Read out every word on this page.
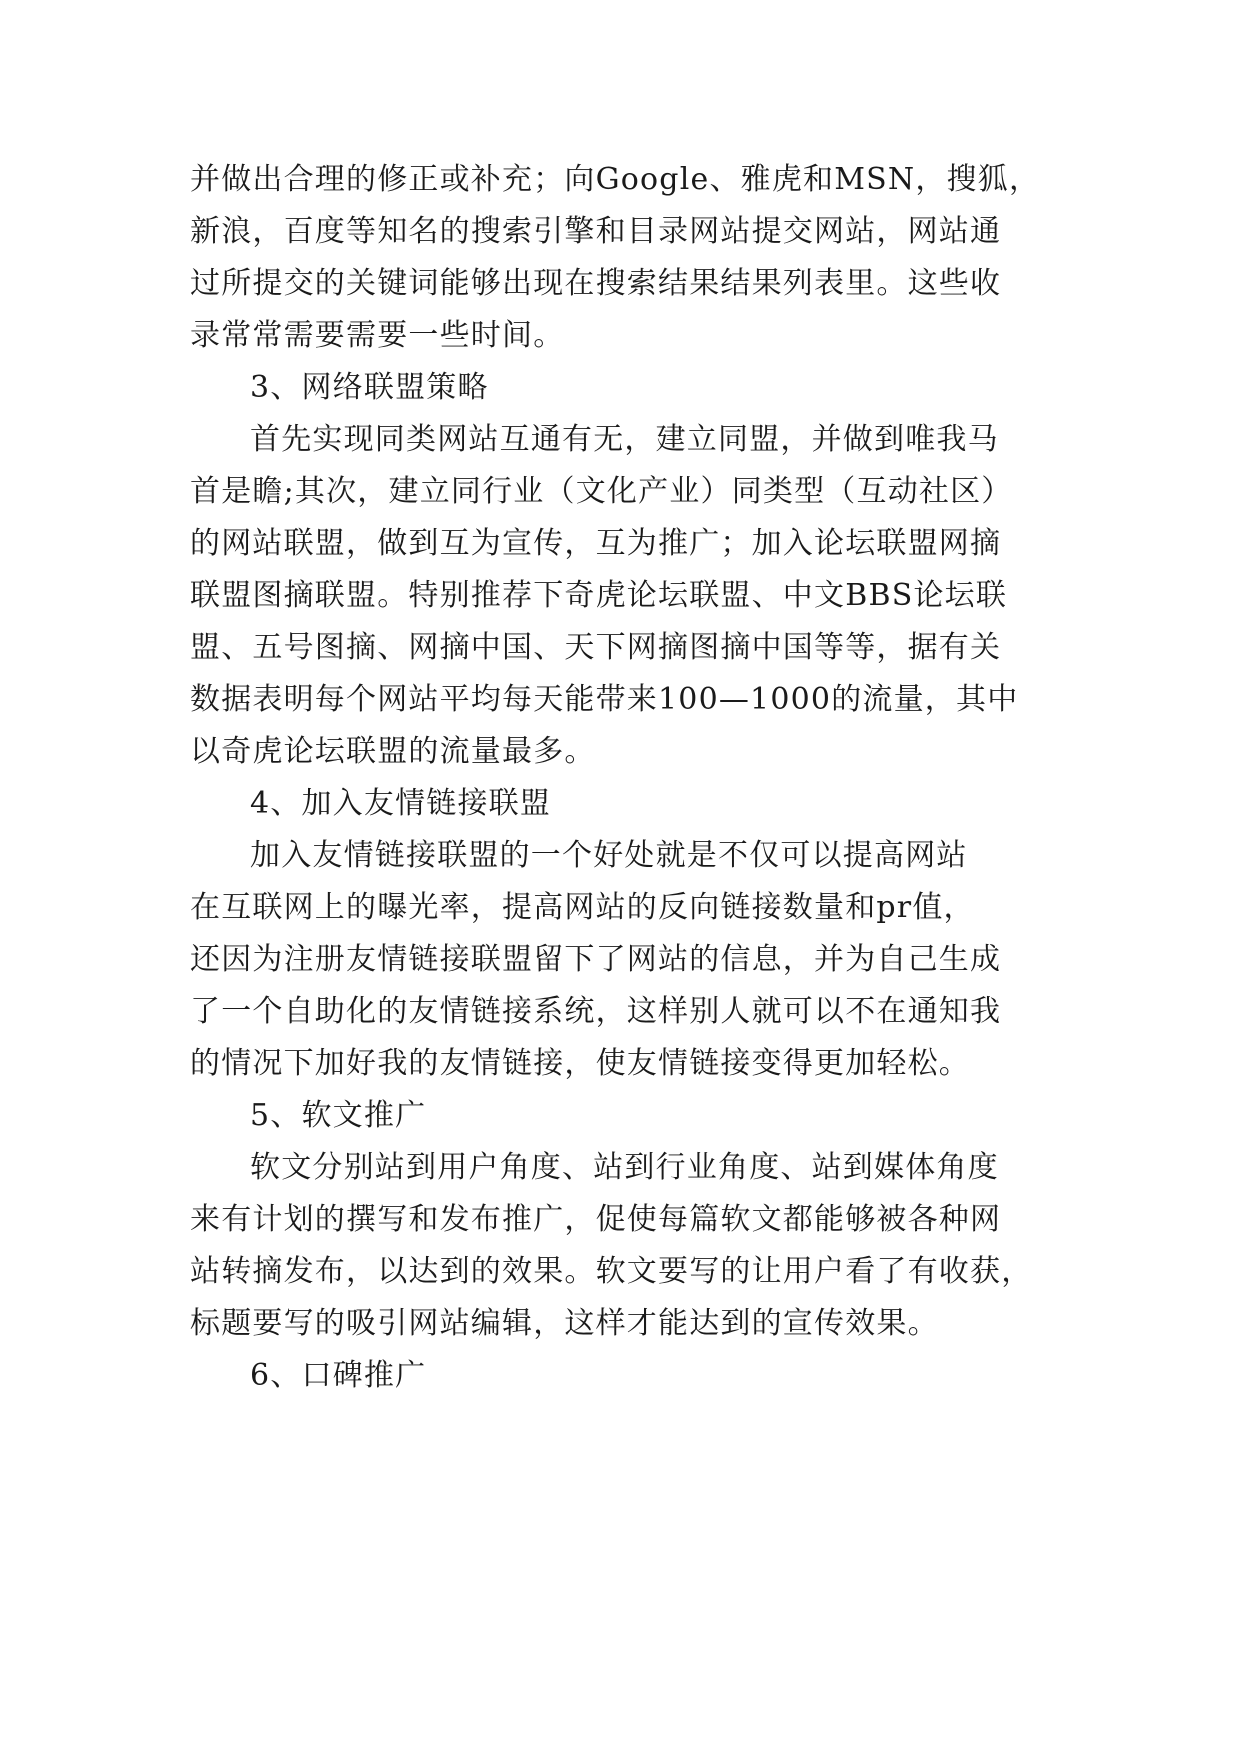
并做出合理的修正或补充；向Google、雅虎和MSN，搜狐，
新浪，百度等知名的搜索引擎和目录网站提交网站，网站通
过所提交的关键词能够出现在搜索结果结果列表里。这些收
录常常需要需要一些时间。
3、网络联盟策略
首先实现同类网站互通有无，建立同盟，并做到唯我马
首是瞻;其次，建立同行业（文化产业）同类型（互动社区）
的网站联盟，做到互为宣传，互为推广；加入论坛联盟网摘
联盟图摘联盟。特别推荐下奇虎论坛联盟、中文BBS论坛联
盟、五号图摘、网摘中国、天下网摘图摘中国等等，据有关
数据表明每个网站平均每天能带来100—1000的流量，其中
以奇虎论坛联盟的流量最多。
4、加入友情链接联盟
加入友情链接联盟的一个好处就是不仅可以提高网站
在互联网上的曝光率，提高网站的反向链接数量和pr值，
还因为注册友情链接联盟留下了网站的信息，并为自己生成
了一个自助化的友情链接系统，这样别人就可以不在通知我
的情况下加好我的友情链接，使友情链接变得更加轻松。
5、软文推广
软文分别站到用户角度、站到行业角度、站到媒体角度
来有计划的撰写和发布推广，促使每篇软文都能够被各种网
站转摘发布，以达到的效果。软文要写的让用户看了有收获，
标题要写的吸引网站编辑，这样才能达到的宣传效果。
6、口碑推广
